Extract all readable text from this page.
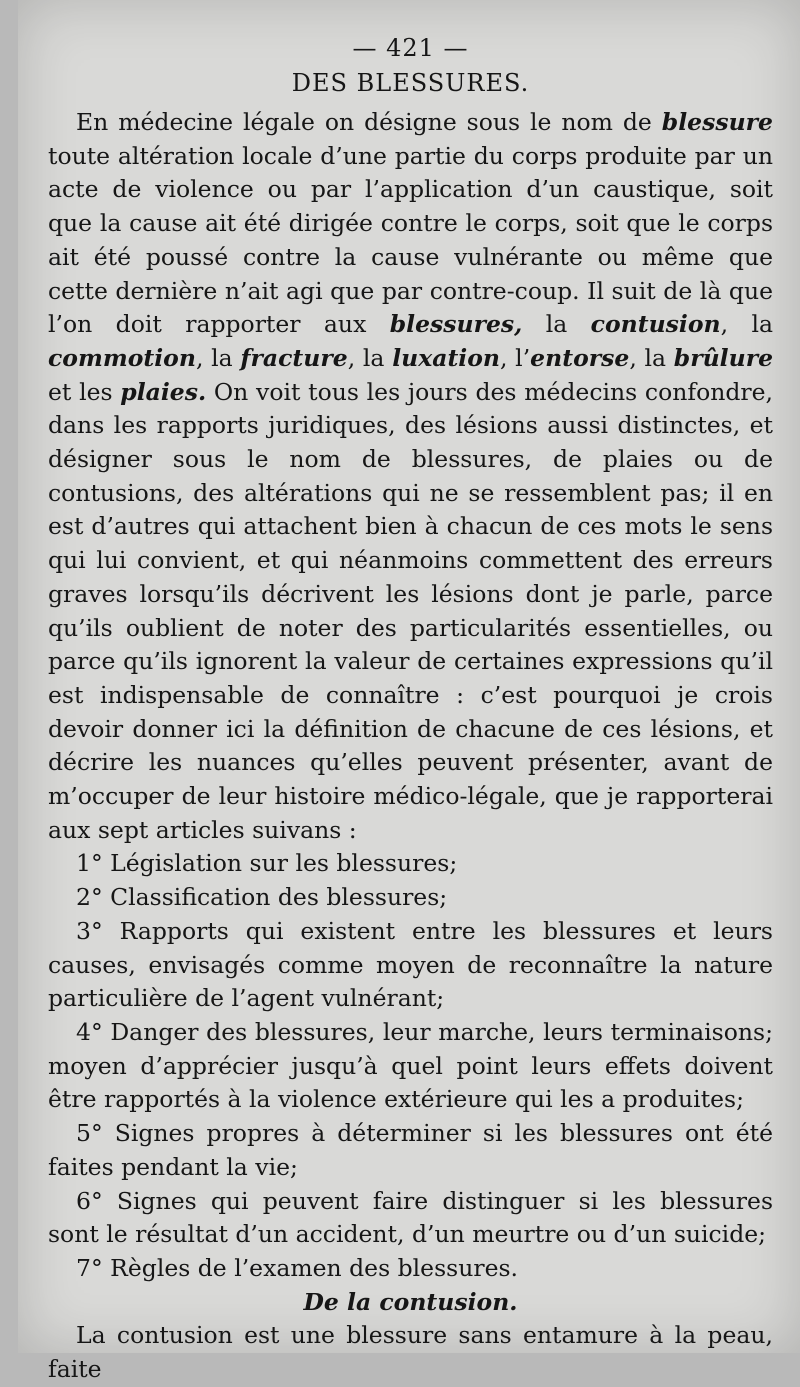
— 421 —
DES BLESSURES.

En médecine légale on désigne sous le nom de blessure toute altération locale d’une partie du corps produite par un acte de violence ou par l’application d’un caustique, soit que la cause ait été dirigée contre le corps, soit que le corps ait été poussé contre la cause vulnérante ou même que cette dernière n’ait agi que par contre-coup. Il suit de là que l’on doit rapporter aux blessures, la contusion, la commotion, la fracture, la luxation, l’entorse, la brûlure et les plaies. On voit tous les jours des médecins confondre, dans les rapports juridiques, des lésions aussi distinctes, et désigner sous le nom de blessures, de plaies ou de contusions, des altérations qui ne se ressemblent pas; il en est d’autres qui attachent bien à chacun de ces mots le sens qui lui convient, et qui néanmoins commettent des erreurs graves lorsqu’ils décrivent les lésions dont je parle, parce qu’ils oublient de noter des particularités essentielles, ou parce qu’ils ignorent la valeur de certaines expressions qu’il est indispensable de connaître : c’est pourquoi je crois devoir donner ici la définition de chacune de ces lésions, et décrire les nuances qu’elles peuvent présenter, avant de m’occuper de leur histoire médico-légale, que je rapporterai aux sept articles suivans :

1° Législation sur les blessures;

2° Classification des blessures;

3° Rapports qui existent entre les blessures et leurs causes, envisagés comme moyen de reconnaître la nature particulière de l’agent vulnérant;

4° Danger des blessures, leur marche, leurs terminaisons; moyen d’apprécier jusqu’à quel point leurs effets doivent être rapportés à la violence extérieure qui les a produites;

5° Signes propres à déterminer si les blessures ont été faites pendant la vie;

6° Signes qui peuvent faire distinguer si les blessures sont le résultat d’un accident, d’un meurtre ou d’un suicide;

7° Règles de l’examen des blessures.

De la contusion.

La contusion est une blessure sans entamure à la peau, faite
